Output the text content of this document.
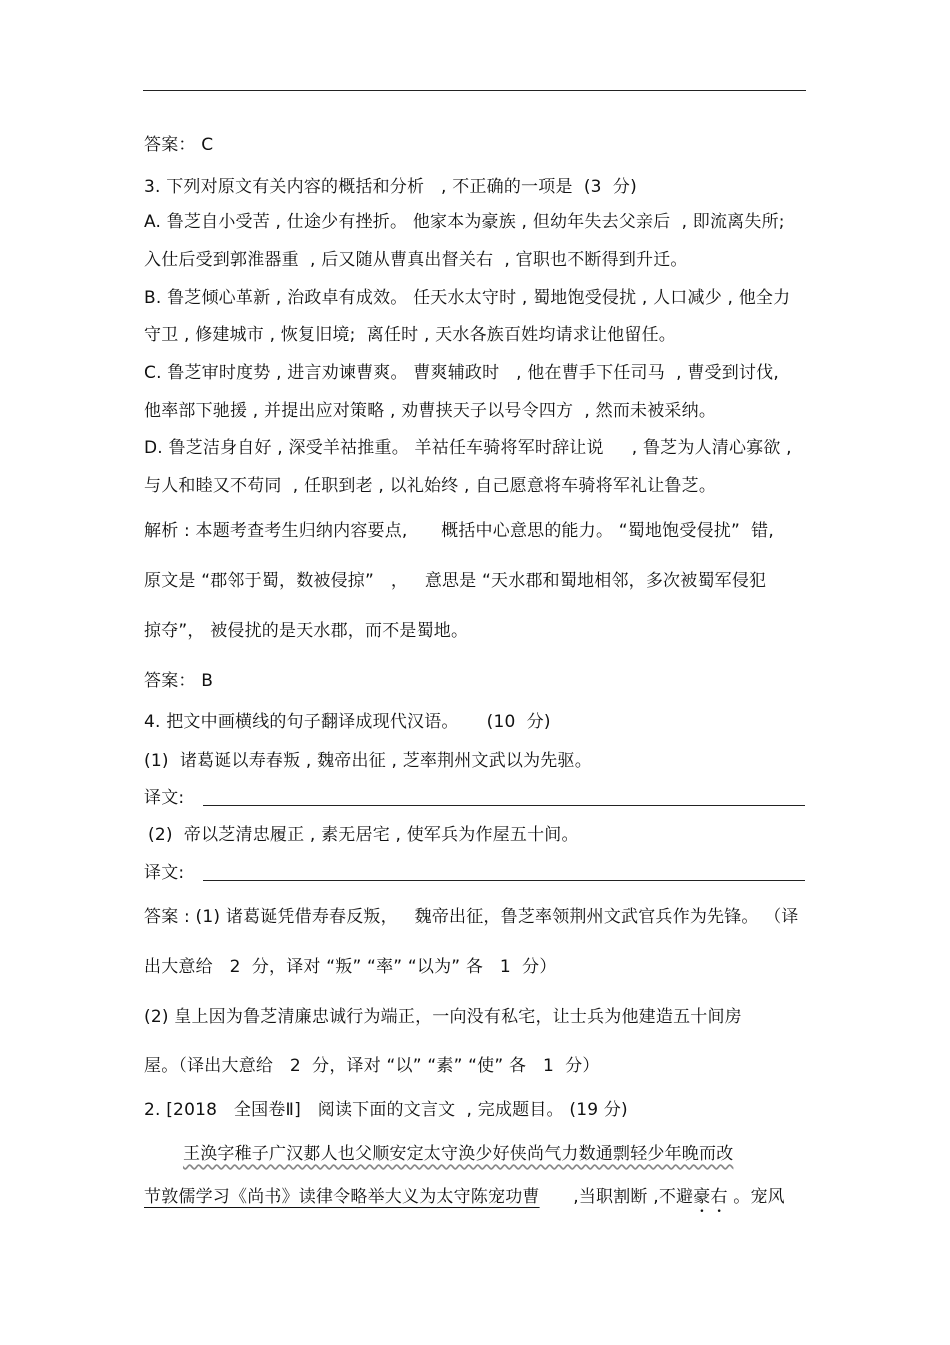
答案： C
3. 下列对原文有关内容的概括和分析   , 不正确的一项是  (3  分)
A. 鲁芝自小受苦 , 仕途少有挫折。 他家本为豪族 , 但幼年失去父亲后  , 即流离失所;
入仕后受到郭淮器重  , 后又随从曹真出督关右  , 官职也不断得到升迁。
B. 鲁芝倾心革新 , 治政卓有成效。 任天水太守时 , 蜀地饱受侵扰 , 人口减少 , 他全力
守卫 , 修建城市 , 恢复旧境;  离任时 , 天水各族百姓均请求让他留任。
C. 鲁芝审时度势 , 进言劝谏曹爽。 曹爽辅政时   , 他在曹手下任司马  , 曹受到讨伐,
他率部下驰援 , 并提出应对策略 , 劝曹挟天子以号令四方  , 然而未被采纳。
D. 鲁芝洁身自好 , 深受羊祜推重。 羊祜任车骑将军时辞让说     , 鲁芝为人清心寡欲 ,
与人和睦又不苟同  , 任职到老 , 以礼始终 , 自己愿意将车骑将军礼让鲁芝。
解析 : 本题考查考生归纳内容要点,      概括中心意思的能力。 “蜀地饱受侵扰”  错,
原文是 “郡邻于蜀，数被侵掠”   ，   意思是 “天水郡和蜀地相邻，多次被蜀军侵犯
掠夺”， 被侵扰的是天水郡，而不是蜀地。
答案： B
4. 把文中画横线的句子翻译成现代汉语。     (10  分)
(1)  诸葛诞以寿春叛 , 魏帝出征 , 芝率荆州文武以为先驱。
译文:
(2)  帝以芝清忠履正 , 素无居宅 , 使军兵为作屋五十间。
译文:
答案 : (1) 诸葛诞凭借寿春反叛，   魏帝出征，鲁芝率领荆州文武官兵作为先锋。 （译
出大意给   2  分，译对 “叛” “率” “以为” 各   1  分）
(2) 皇上因为鲁芝清廉忠诚行为端正，一向没有私宅，让士兵为他建造五十间房
屋。（译出大意给   2  分，译对 “以” “素” “使” 各   1  分）
2. [2018   全国卷Ⅱ]   阅读下面的文言文  , 完成题目。 (19 分)
王涣字稚子广汉郪人也父顺安定太守涣少好侠尚气力数通剽轻少年晚而改
节敦儒学习《尚书》读律令略举大义为太守陈宠功曹      ,当职割断 ,不避豪右 。宠风
